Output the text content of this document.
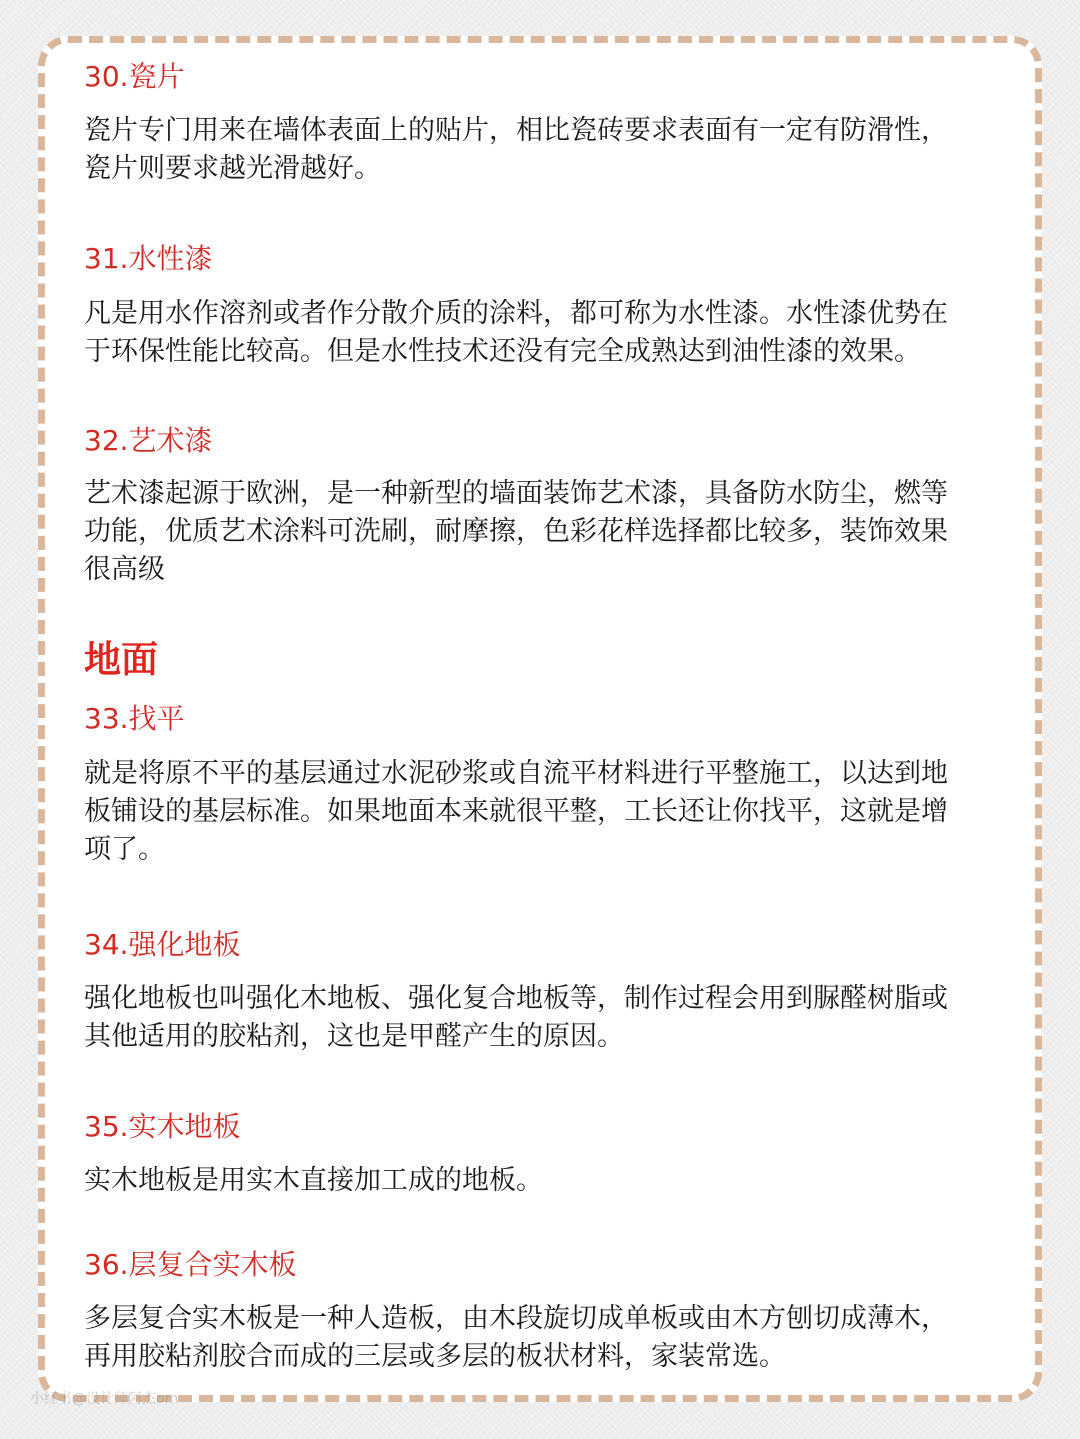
30.瓷片

瓷片专门用来在墙体表面上的贴片，相比瓷砖要求表面有一定有防滑性，
瓷片则要求越光滑越好。

31.水性漆

凡是用水作溶剂或者作分散介质的涂料，都可称为水性漆。水性漆优势在
于环保性能比较高。但是水性技术还没有完全成熟达到油性漆的效果。

32.艺术漆

艺术漆起源于欧洲，是一种新型的墙面装饰艺术漆，具备防水防尘，燃等
功能，优质艺术涂料可洗刷，耐摩擦，色彩花样选择都比较多，装饰效果
很高级

地面
33.找平

就是将原不平的基层通过水泥砂浆或自流平材料进行平整施工，以达到地
板铺设的基层标准。如果地面本来就很平整，工长还让你找平，这就是增
项了。

34.强化地板

强化地板也叫强化木地板、强化复合地板等，制作过程会用到脲醛树脂或
其他适用的胶粘剂，这也是甲醛产生的原因。

35.实木地板

实木地板是用实木直接加工成的地板。

36.层复合实木板

多层复合实木板是一种人造板，由木段旋切成单板或由木方刨切成薄木，
再用胶粘剂胶合而成的三层或多层的板状材料，家装常选。

小红书@设计师阿杰om
